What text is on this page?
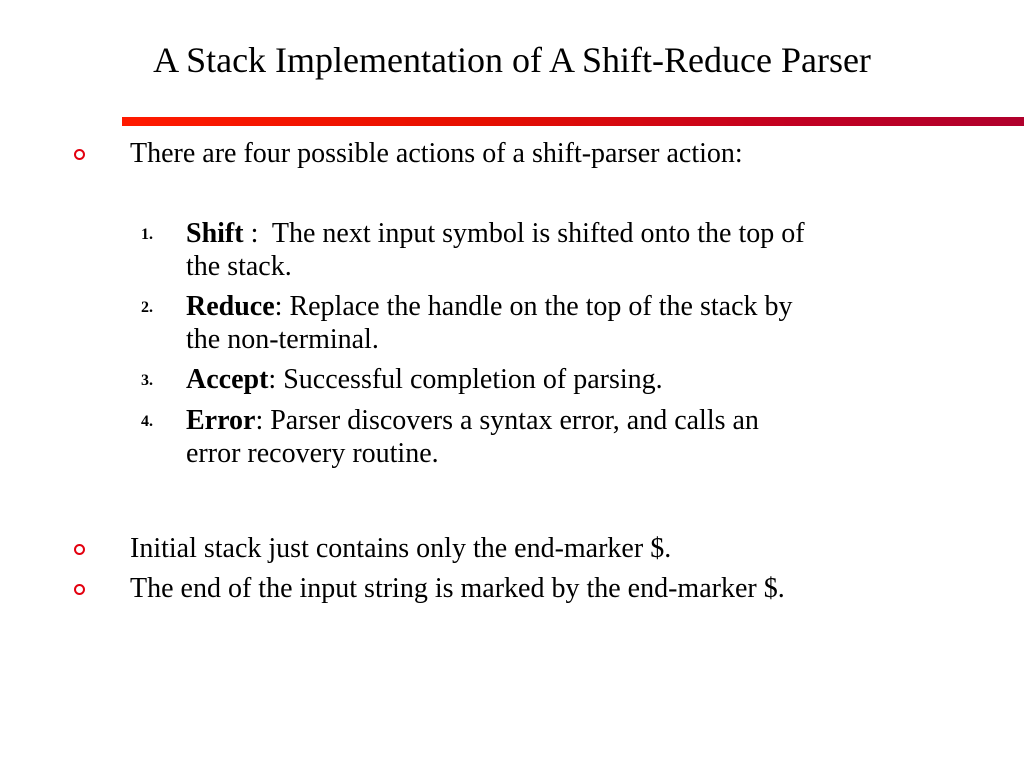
A Stack Implementation of A Shift-Reduce Parser
There are four possible actions of a shift-parser action:
1. Shift :  The next input symbol is shifted onto the top of
the stack.
2. Reduce: Replace the handle on the top of the stack by
the non-terminal.
3. Accept: Successful completion of parsing.
4. Error: Parser discovers a syntax error, and calls an
error recovery routine.
Initial stack just contains only the end-marker $.
The end of the input string is marked by the end-marker $.
